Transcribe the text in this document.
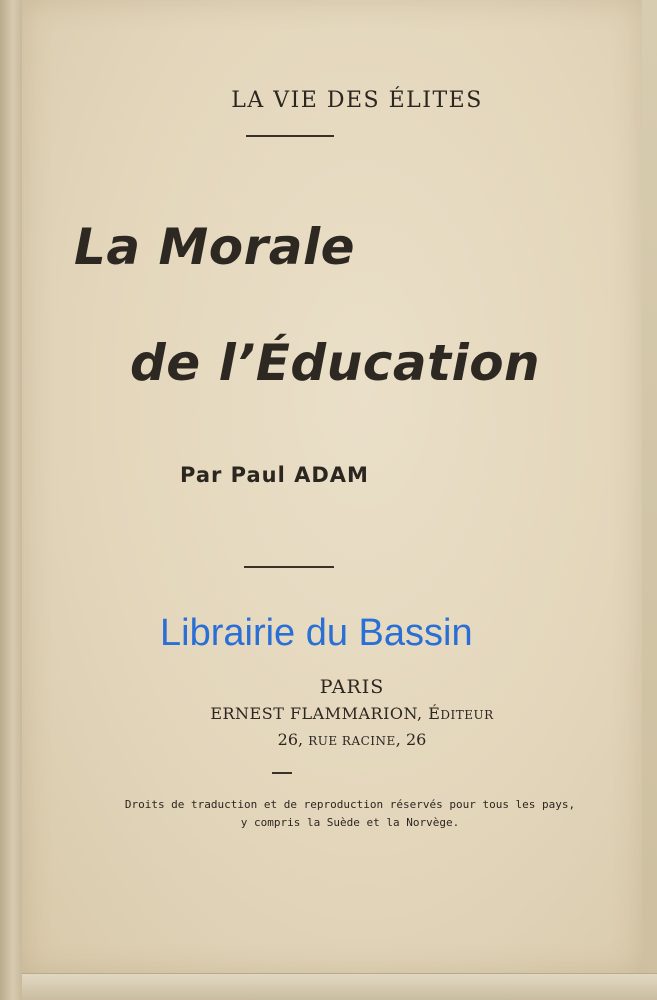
LA VIE DES ÉLITES
La Morale
de l’Éducation
Par Paul ADAM
Librairie du Bassin
PARIS
ERNEST FLAMMARION, ÉDITEUR
26, RUE RACINE, 26
Droits de traduction et de reproduction réservés pour tous les pays,
y compris la Suède et la Norvège.
